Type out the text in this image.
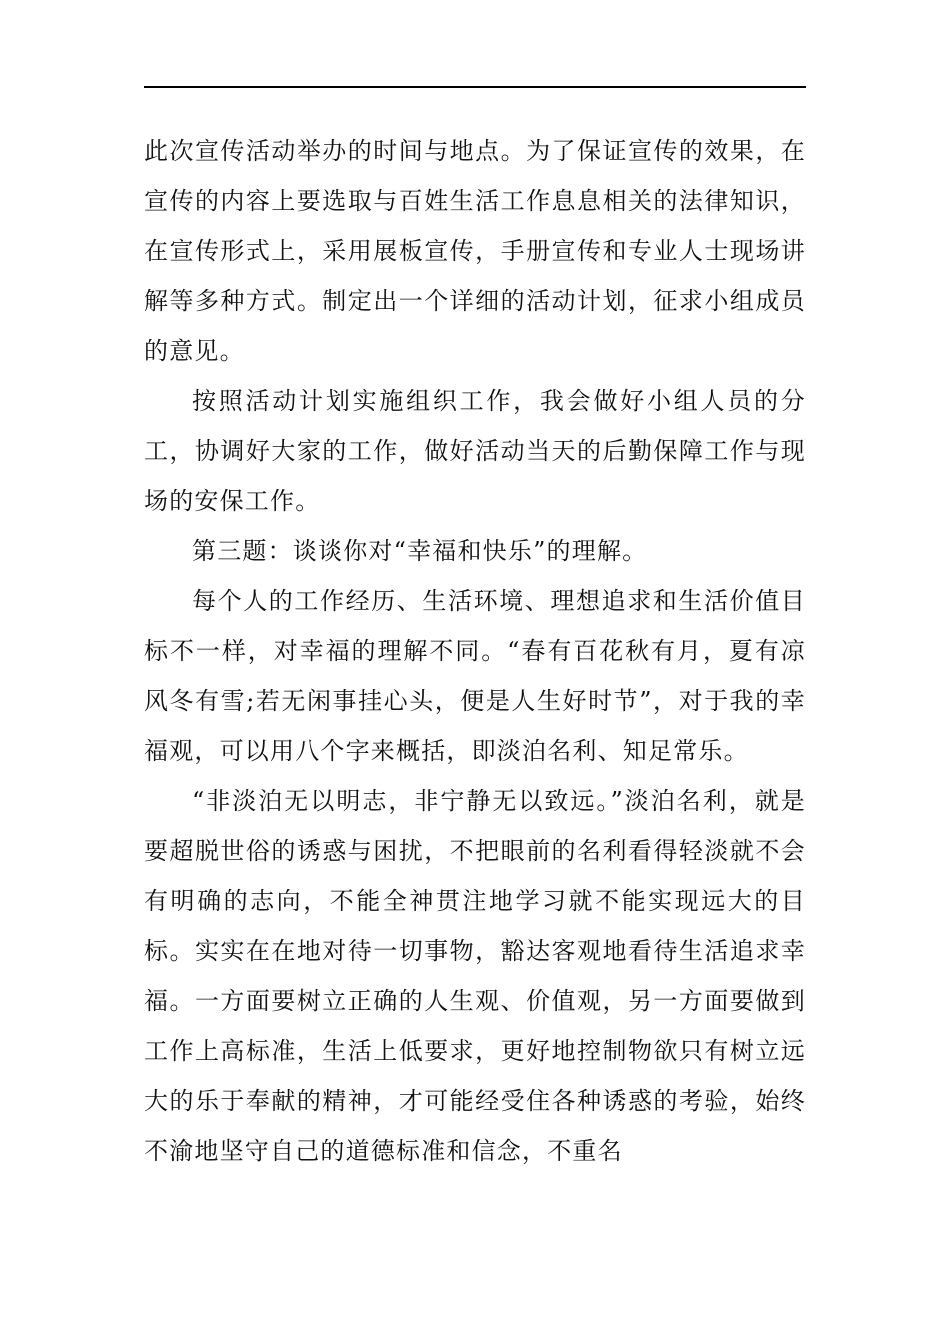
此次宣传活动举办的时间与地点。为了保证宣传的效果，在宣传的内容上要选取与百姓生活工作息息相关的法律知识，在宣传形式上，采用展板宣传，手册宣传和专业人士现场讲解等多种方式。制定出一个详细的活动计划，征求小组成员的意见。

按照活动计划实施组织工作，我会做好小组人员的分工，协调好大家的工作，做好活动当天的后勤保障工作与现场的安保工作。

第三题：谈谈你对“幸福和快乐”的理解。

每个人的工作经历、生活环境、理想追求和生活价值目标不一样，对幸福的理解不同。“春有百花秋有月，夏有凉风冬有雪;若无闲事挂心头，便是人生好时节”，对于我的幸福观，可以用八个字来概括，即淡泊名利、知足常乐。

“非淡泊无以明志，非宁静无以致远。”淡泊名利，就是要超脱世俗的诱惑与困扰，不把眼前的名利看得轻淡就不会有明确的志向，不能全神贯注地学习就不能实现远大的目标。实实在在地对待一切事物，豁达客观地看待生活追求幸福。一方面要树立正确的人生观、价值观，另一方面要做到工作上高标准，生活上低要求，更好地控制物欲只有树立远大的乐于奉献的精神，才可能经受住各种诱惑的考验，始终不渝地坚守自己的道德标准和信念，不重名
